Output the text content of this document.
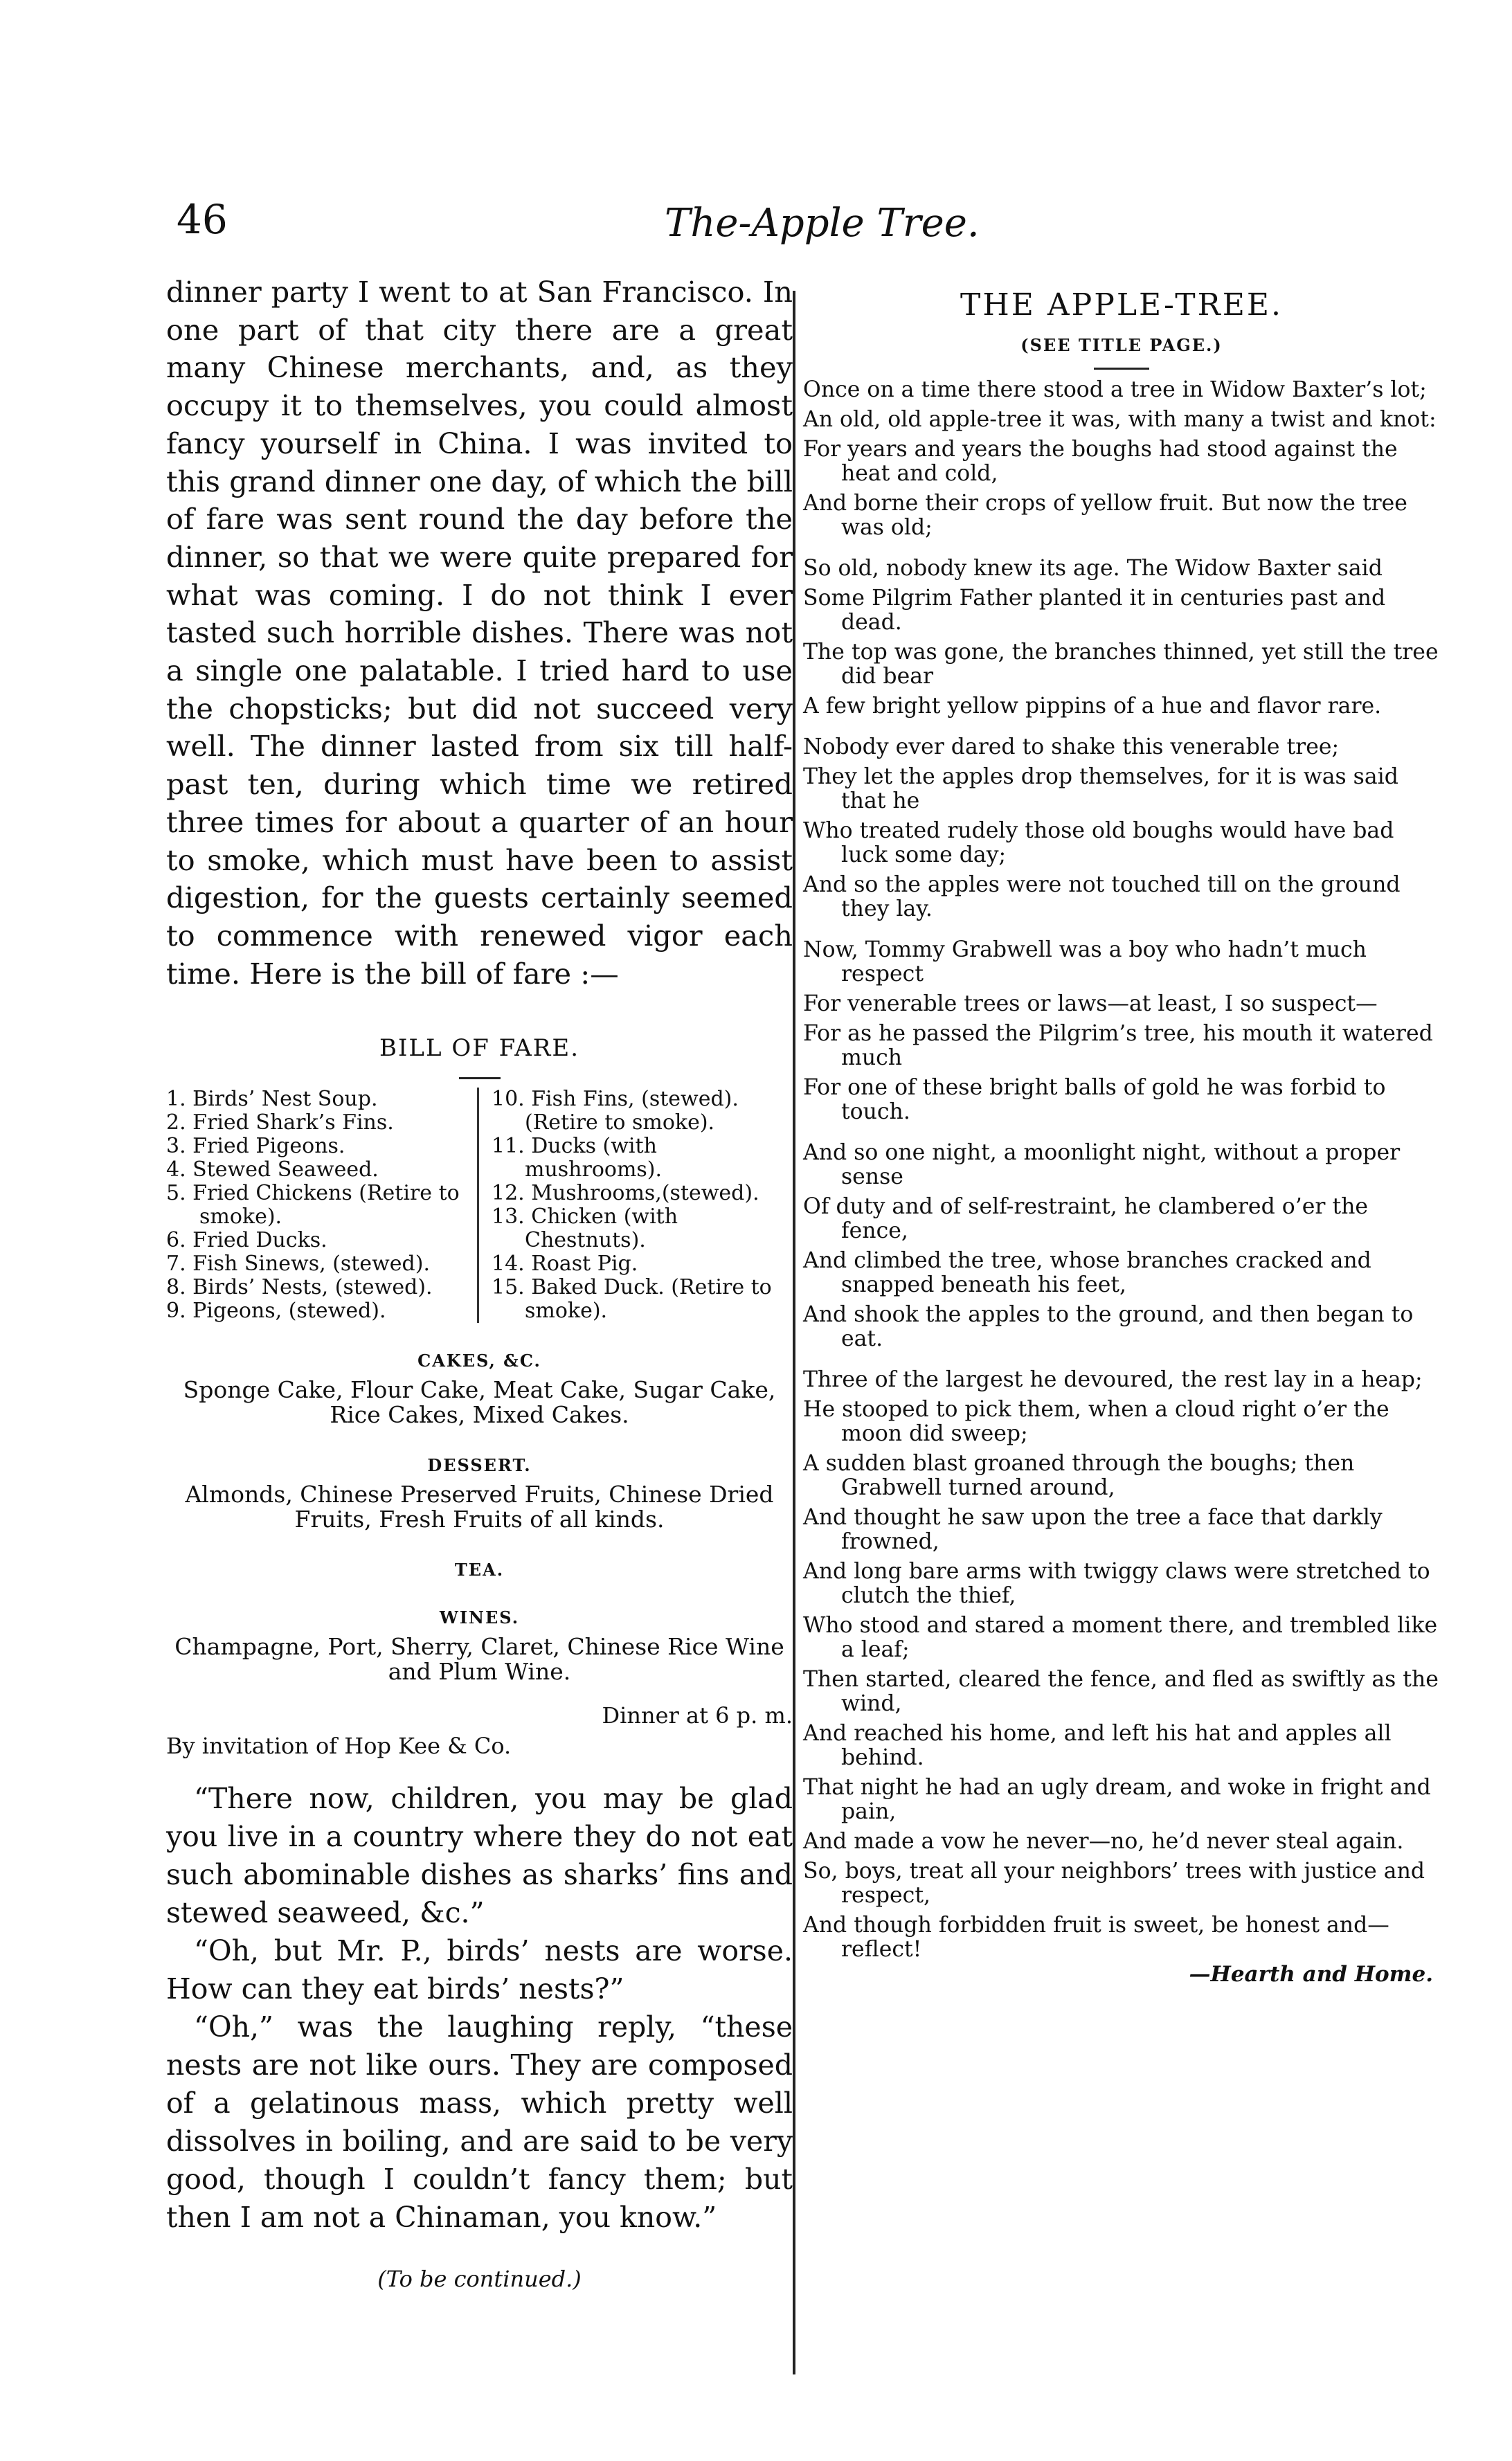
46	The-Apple Tree.

dinner party I went to at San Francisco. In one part of that city there are a great many Chinese merchants, and, as they occupy it to themselves, you could almost fancy yourself in China. I was invited to this grand dinner one day, of which the bill of fare was sent round the day before the dinner, so that we were quite prepared for what was coming. I do not think I ever tasted such horrible dishes. There was not a single one palatable. I tried hard to use the chopsticks; but did not succeed very well. The dinner lasted from six till half-past ten, during which time we retired three times for about a quarter of an hour to smoke, which must have been to assist digestion, for the guests certainly seemed to commence with renewed vigor each time. Here is the bill of fare :—

BILL OF FARE.
1. Birds’ Nest Soup.
2. Fried Shark’s Fins.
3. Fried Pigeons.
4. Stewed Seaweed.
5. Fried Chickens (Retire to smoke).
6. Fried Ducks.
7. Fish Sinews, (stewed).
8. Birds’ Nests, (stewed).
9. Pigeons, (stewed).
10. Fish Fins, (stewed). (Retire to smoke).
11. Ducks (with mushrooms).
12. Mushrooms,(stewed).
13. Chicken (with Chestnuts).
14. Roast Pig.
15. Baked Duck. (Retire to smoke).
CAKES, &C.
Sponge Cake, Flour Cake, Meat Cake, Sugar Cake, Rice Cakes, Mixed Cakes.
DESSERT.
Almonds, Chinese Preserved Fruits, Chinese Dried Fruits, Fresh Fruits of all kinds.
TEA.
WINES.
Champagne, Port, Sherry, Claret, Chinese Rice Wine and Plum Wine.
Dinner at 6 p. m.
By invitation of Hop Kee & Co.

“There now, children, you may be glad you live in a country where they do not eat such abominable dishes as sharks’ fins and stewed seaweed, &c.”

“Oh, but Mr. P., birds’ nests are worse. How can they eat birds’ nests?”

“Oh,” was the laughing reply, “these nests are not like ours. They are composed of a gelatinous mass, which pretty well dissolves in boiling, and are said to be very good, though I couldn’t fancy them; but then I am not a Chinaman, you know.”

(To be continued.)
THE APPLE-TREE.
(SEE TITLE PAGE.)
Once on a time there stood a tree in Widow Baxter’s lot;
An old, old apple-tree it was, with many a twist and knot:
For years and years the boughs had stood against the heat and cold,
And borne their crops of yellow fruit. But now the tree was old;
So old, nobody knew its age. The Widow Baxter said
Some Pilgrim Father planted it in centuries past and dead.
The top was gone, the branches thinned, yet still the tree did bear
A few bright yellow pippins of a hue and flavor rare.
Nobody ever dared to shake this venerable tree;
They let the apples drop themselves, for it is was said that he
Who treated rudely those old boughs would have bad luck some day;
And so the apples were not touched till on the ground they lay.
Now, Tommy Grabwell was a boy who hadn’t much respect
For venerable trees or laws—at least, I so suspect—
For as he passed the Pilgrim’s tree, his mouth it watered much
For one of these bright balls of gold he was forbid to touch.
And so one night, a moonlight night, without a proper sense
Of duty and of self-restraint, he clambered o’er the fence,
And climbed the tree, whose branches cracked and snapped beneath his feet,
And shook the apples to the ground, and then began to eat.
Three of the largest he devoured, the rest lay in a heap;
He stooped to pick them, when a cloud right o’er the moon did sweep;
A sudden blast groaned through the boughs; then Grabwell turned around,
And thought he saw upon the tree a face that darkly frowned,
And long bare arms with twiggy claws were stretched to clutch the thief,
Who stood and stared a moment there, and trembled like a leaf;
Then started, cleared the fence, and fled as swiftly as the wind,
And reached his home, and left his hat and apples all behind.
That night he had an ugly dream, and woke in fright and pain,
And made a vow he never—no, he’d never steal again.
So, boys, treat all your neighbors’ trees with justice and respect,
And though forbidden fruit is sweet, be honest and—reflect!
—Hearth and Home.
